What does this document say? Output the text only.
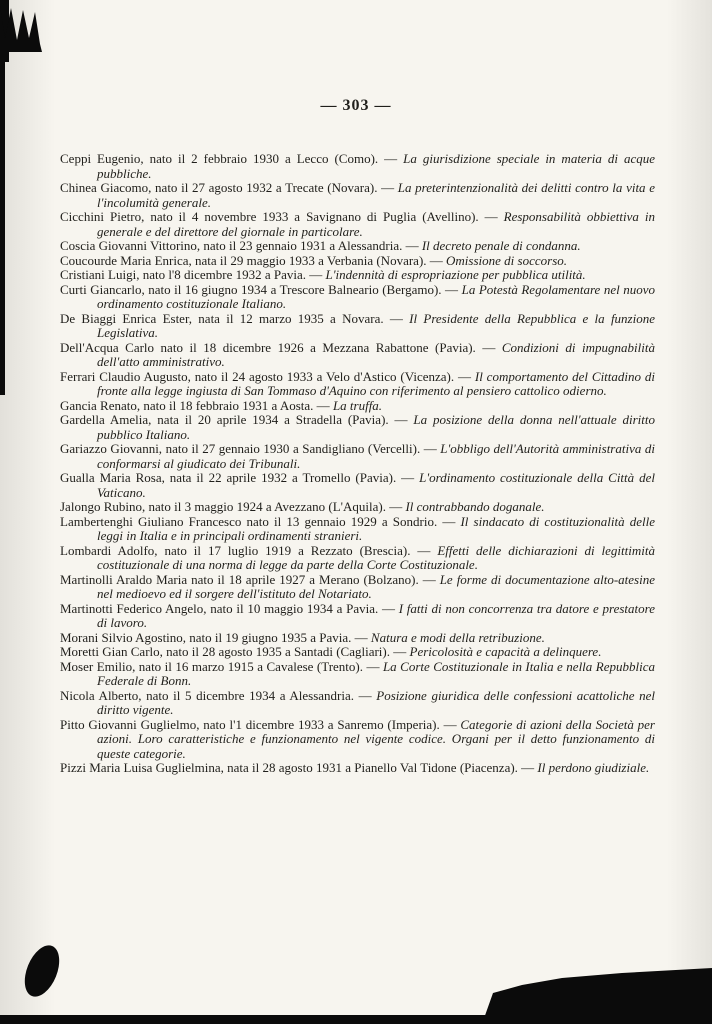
— 303 —

Ceppi Eugenio, nato il 2 febbraio 1930 a Lecco (Como). — La giurisdizione speciale in materia di acque pubbliche.

Chinea Giacomo, nato il 27 agosto 1932 a Trecate (Novara). — La preterintenzionalità dei delitti contro la vita e l'incolumità generale.

Cicchini Pietro, nato il 4 novembre 1933 a Savignano di Puglia (Avellino). — Responsabilità obbiettiva in generale e del direttore del giornale in particolare.

Coscia Giovanni Vittorino, nato il 23 gennaio 1931 a Alessandria. — Il decreto penale di condanna.

Coucourde Maria Enrica, nata il 29 maggio 1933 a Verbania (Novara). — Omissione di soccorso.

Cristiani Luigi, nato l'8 dicembre 1932 a Pavia. — L'indennità di espropriazione per pubblica utilità.

Curti Giancarlo, nato il 16 giugno 1934 a Trescore Balneario (Bergamo). — La Potestà Regolamentare nel nuovo ordinamento costituzionale Italiano.

De Biaggi Enrica Ester, nata il 12 marzo 1935 a Novara. — Il Presidente della Repubblica e la funzione Legislativa.

Dell'Acqua Carlo nato il 18 dicembre 1926 a Mezzana Rabattone (Pavia). — Condizioni di impugnabilità dell'atto amministrativo.

Ferrari Claudio Augusto, nato il 24 agosto 1933 a Velo d'Astico (Vicenza). — Il comportamento del Cittadino di fronte alla legge ingiusta di San Tommaso d'Aquino con riferimento al pensiero cattolico odierno.

Gancia Renato, nato il 18 febbraio 1931 a Aosta. — La truffa.

Gardella Amelia, nata il 20 aprile 1934 a Stradella (Pavia). — La posizione della donna nell'attuale diritto pubblico Italiano.

Gariazzo Giovanni, nato il 27 gennaio 1930 a Sandigliano (Vercelli). — L'obbligo dell'Autorità amministrativa di conformarsi al giudicato dei Tribunali.

Gualla Maria Rosa, nata il 22 aprile 1932 a Tromello (Pavia). — L'ordinamento costituzionale della Città del Vaticano.

Jalongo Rubino, nato il 3 maggio 1924 a Avezzano (L'Aquila). — Il contrabbando doganale.

Lambertenghi Giuliano Francesco nato il 13 gennaio 1929 a Sondrio. — Il sindacato di costituzionalità delle leggi in Italia e in principali ordinamenti stranieri.

Lombardi Adolfo, nato il 17 luglio 1919 a Rezzato (Brescia). — Effetti delle dichiarazioni di legittimità costituzionale di una norma di legge da parte della Corte Costituzionale.

Martinolli Araldo Maria nato il 18 aprile 1927 a Merano (Bolzano). — Le forme di documentazione alto-atesine nel medioevo ed il sorgere dell'istituto del Notariato.

Martinotti Federico Angelo, nato il 10 maggio 1934 a Pavia. — I fatti di non concorrenza tra datore e prestatore di lavoro.

Morani Silvio Agostino, nato il 19 giugno 1935 a Pavia. — Natura e modi della retribuzione.

Moretti Gian Carlo, nato il 28 agosto 1935 a Santadi (Cagliari). — Pericolosità e capacità a delinquere.

Moser Emilio, nato il 16 marzo 1915 a Cavalese (Trento). — La Corte Costituzionale in Italia e nella Repubblica Federale di Bonn.

Nicola Alberto, nato il 5 dicembre 1934 a Alessandria. — Posizione giuridica delle confessioni acattoliche nel diritto vigente.

Pitto Giovanni Guglielmo, nato l'1 dicembre 1933 a Sanremo (Imperia). — Categorie di azioni della Società per azioni. Loro caratteristiche e funzionamento nel vigente codice. Organi per il detto funzionamento di queste categorie.

Pizzi Maria Luisa Guglielmina, nata il 28 agosto 1931 a Pianello Val Tidone (Piacenza). — Il perdono giudiziale.
